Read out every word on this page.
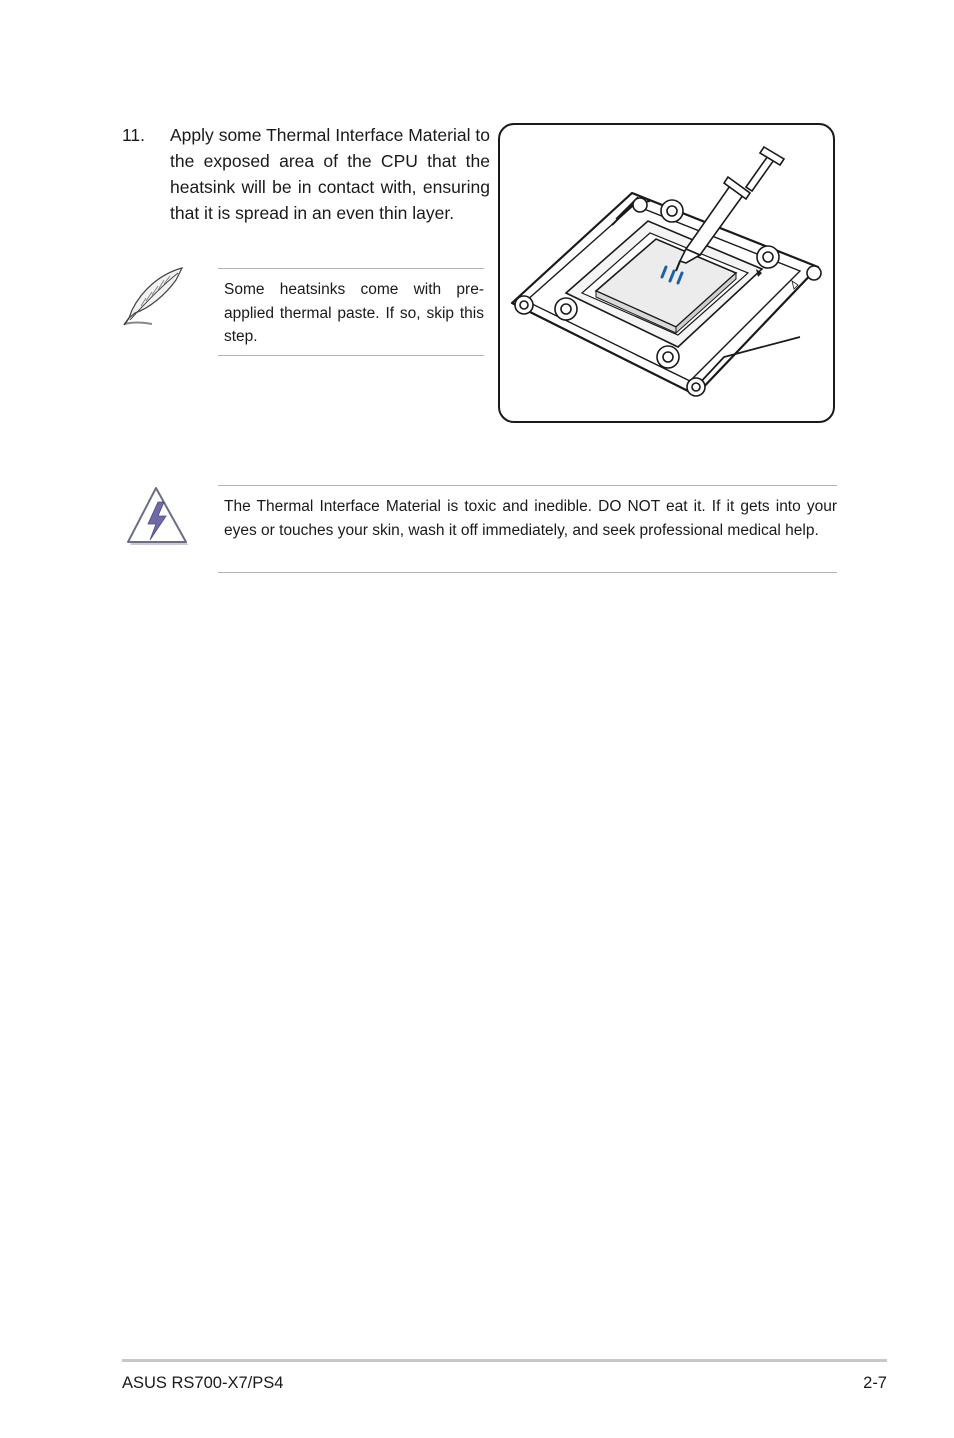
11. Apply some Thermal Interface Material to the exposed area of the CPU that the heatsink will be in contact with, ensuring that it is spread in an even thin layer.
Some heatsinks come with pre-applied thermal paste. If so, skip this step.
The Thermal Interface Material is toxic and inedible. DO NOT eat it. If it gets into your eyes or touches your skin, wash it off immediately, and seek professional medical help.
ASUS RS700-X7/PS4	2-7
